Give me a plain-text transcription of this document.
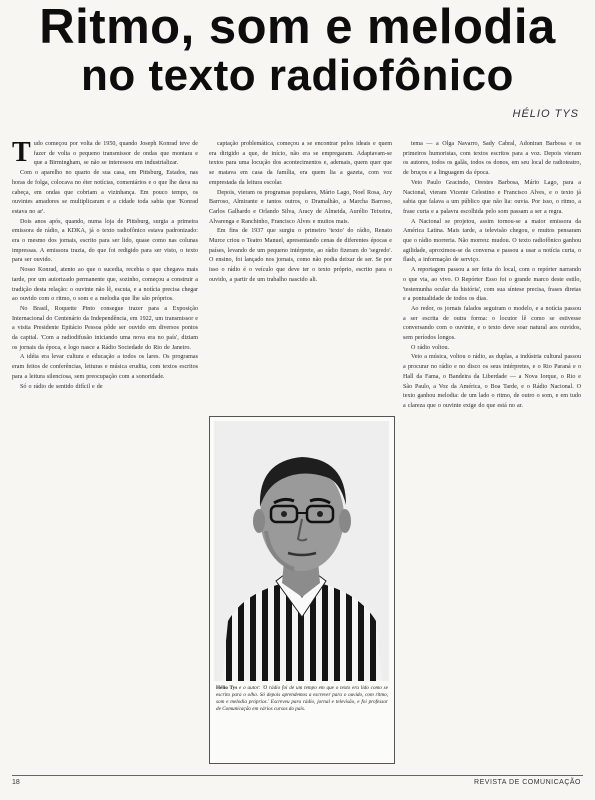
Ritmo, som e melodia
no texto radiofônico
HÉLIO TYS
T udo começou por volta de 1950, quando Joseph Konrad teve de fazer de volta o pequeno transmissor de ondas que montara e que a Birmingham, se não se interessou em industrializar.

Com o aparelho no quarto de sua casa, em Pittsburg, Estados, nas horas de folga, colocava no éter notícias, comentários e o que lhe dava na cabeça, em ondas que cobriam a vizinhança. Em pouco tempo, os ouvintes amadores se multiplicaram e a cidade toda sabia que 'Konrad estava no ar'.

Dois anos após, quando, numa loja de Pittsburg, surgia a primeira emissora de rádio, a KDKA, já o texto radiofônico estava padronizado: era o mesmo dos jornais, escrito para ser lido, quase como nas colunas impressas. A emissora trazia, do que foi redigido para ser visto, o texto para ser ouvido.

Nosso Konrad, atento ao que o sucedia, recebia o que chegava mais tarde, por um autorizado permanente que, sozinho, começou a construir a tradição desta relação: o ouvinte não lê, escuta, e a notícia precisa chegar ao ouvido com o ritmo, o som e a melodia que lhe são próprios.

No Brasil, Roquette Pinto consegue trazer para a Exposição Internacional do Centenário da Independência, em 1922, um transmissor e a visita Presidente Epitácio Pessoa pôde ser ouvido em diversos pontos da capital. 'Com a radiodifusão iniciando uma nova era no país', diziam os jornais da época, e logo nasce a Rádio Sociedade do Rio de Janeiro.

A idéia era levar cultura e educação a todos os lares. Os programas eram feitos de conferências, leituras e música erudita, com textos escritos para a leitura silenciosa, sem preocupação com a sonoridade.

Só o rádio de sentido difícil e de

captação problemática, começou a se encontrar pelos ideais e quem era dirigido a que, de início, não era se empregaram. Adaptavam-se textos para uma locução dos acontecimentos e, ademais, quem quer que se matava em casa da família, era quem lia a gazeta, com voz emprestada da leitura escolar.

Depois, vieram os programas populares, Mário Lago, Noel Rosa, Ary Barroso, Almirante e tantos outros, o Dramalhão, a Marcha Barroso, Carlos Galhardo e Orlando Silva, Aracy de Almeida, Aurélio Teixeira, Alvarenga e Ranchinho, Francisco Alves e muitos mais.

Em fins de 1937 que surgiu o primeiro 'texto' do rádio, Renato Murce criou o Teatro Manuel, apresentando cenas de diferentes épocas e países, levando de um pequeno intérprete, ao rádio fizeram do 'segredo'. O ensino, foi lançado nos jornais, como não podia deixar de ser. Se por isso o rádio é o veículo que deve ter o texto próprio, escrito para o ouvido, a partir de um trabalho nascido ali.

tema — a Olga Navarro, Sady Cabral, Adoniran Barbosa e os primeiros humoristas, com textos escritos para a voz. Depois vieram os autores, todos os galãs, todos os donos, em seu local de radioteatro, de bruços e a linguagem da época.

Veio Paulo Gracindo, Orestes Barbosa, Mário Lago, para a Nacional, vieram Vicente Celestino e Francisco Alves, e o texto já sabia que falava a um público que não lia: ouvia. Por isso, o ritmo, a frase curta e a palavra escolhida pelo som passam a ser a regra.

A Nacional se projetou, assim tornou-se a maior emissora da América Latina. Mais tarde, a televisão chegou, e muitos pensaram que o rádio morreria. Não morreu: mudou. O texto radiofônico ganhou agilidade, aproximou-se da conversa e passou a usar a notícia curta, o flash, a informação de serviço.

A reportagem passou a ser feita do local, com o repórter narrando o que via, ao vivo. O Repórter Esso foi o grande marco deste estilo, 'testemunha ocular da história', com sua síntese precisa, frases diretas e a pontualidade de todos os dias.

Ao redor, os jornais falados seguiram o modelo, e a notícia passou a ser escrita de outra forma: o locutor lê como se estivesse conversando com o ouvinte, e o texto deve soar natural aos ouvidos, sem períodos longos.

O rádio voltou.

Veio a música, voltou o rádio, as duplas, a indústria cultural passou a procurar no rádio e no disco os seus intérpretes, e o Rio Paraná e o Hall da Fama, o Bandeira da Liberdade — a Nova Iorque, o Rio e São Paulo, a Voz da América, o Boa Tarde, e o Rádio Nacional. O texto ganhou melodia: de um lado o ritmo, de outro o som, e em tudo a clareza que o ouvinte exige do que está no ar.

Hélio Tys e o autor: 'O rádio foi de um tempo em que o texto era lido como se escrito para o olho. Só depois aprendemos a escrever para o ouvido, com ritmo, som e melodia próprios.' Escreveu para rádio, jornal e televisão, e foi professor de Comunicação em vários cursos do país.
18	REVISTA DE COMUNICAÇÃO
